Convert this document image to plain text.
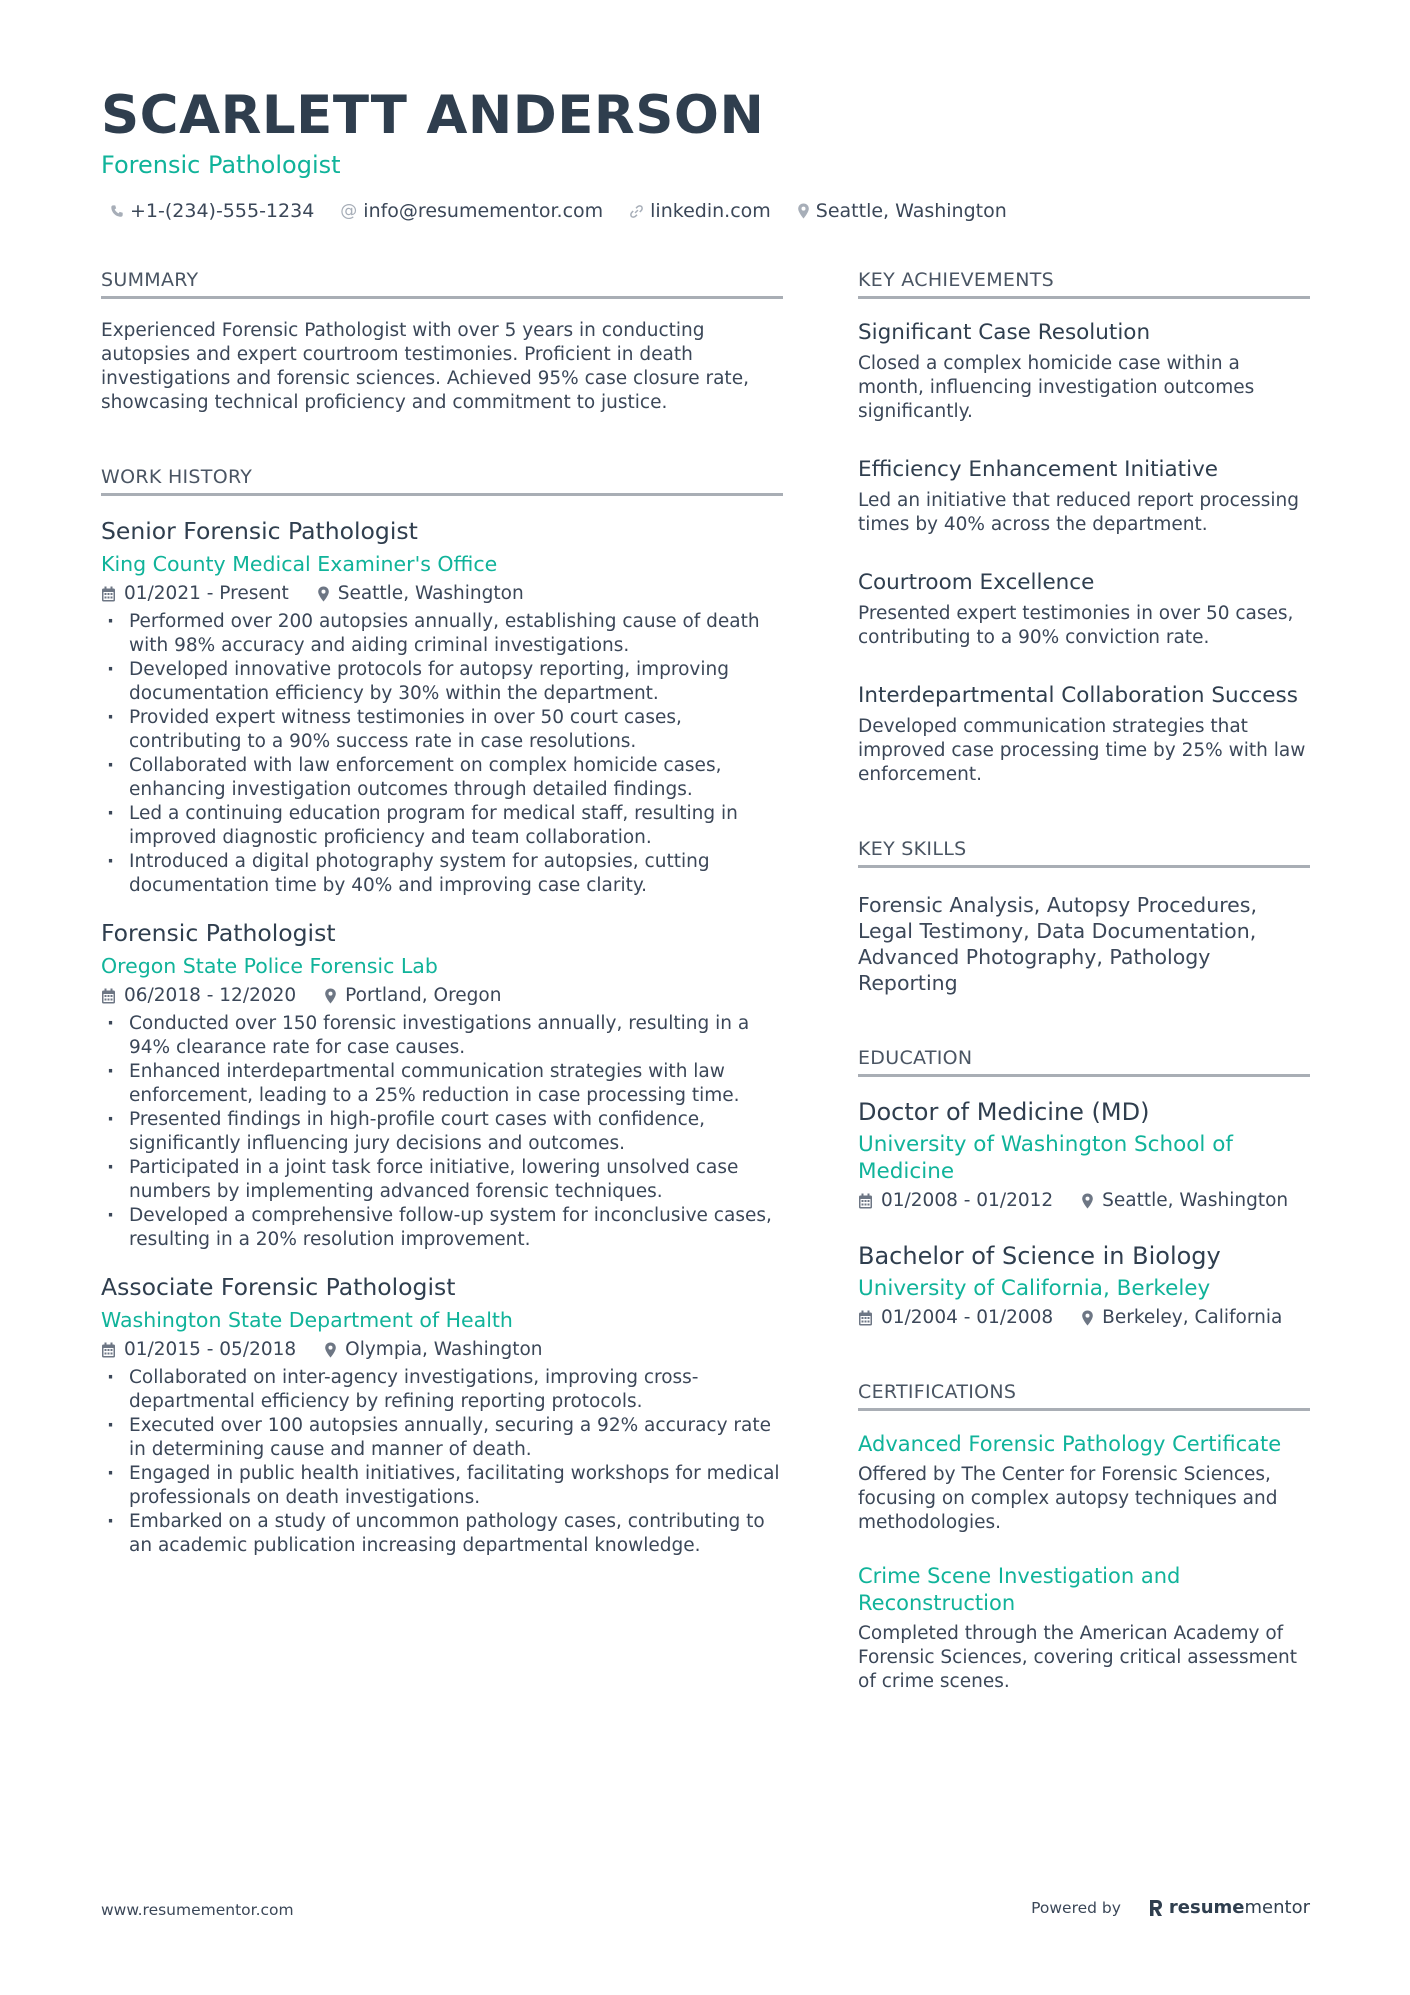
SCARLETT ANDERSON
Forensic Pathologist
+1-(234)-555-1234 @ info@resumementor.com linkedin.com Seattle, Washington
SUMMARY
Experienced Forensic Pathologist with over 5 years in conducting autopsies and expert courtroom testimonies. Proficient in death investigations and forensic sciences. Achieved 95% case closure rate, showcasing technical proficiency and commitment to justice.
WORK HISTORY
Senior Forensic Pathologist
King County Medical Examiner's Office
01/2021 - Present	Seattle, Washington
· Performed over 200 autopsies annually, establishing cause of death with 98% accuracy and aiding criminal investigations.
· Developed innovative protocols for autopsy reporting, improving documentation efficiency by 30% within the department.
· Provided expert witness testimonies in over 50 court cases, contributing to a 90% success rate in case resolutions.
· Collaborated with law enforcement on complex homicide cases, enhancing investigation outcomes through detailed findings.
· Led a continuing education program for medical staff, resulting in improved diagnostic proficiency and team collaboration.
· Introduced a digital photography system for autopsies, cutting documentation time by 40% and improving case clarity.
Forensic Pathologist
Oregon State Police Forensic Lab
06/2018 - 12/2020	Portland, Oregon
· Conducted over 150 forensic investigations annually, resulting in a 94% clearance rate for case causes.
· Enhanced interdepartmental communication strategies with law enforcement, leading to a 25% reduction in case processing time.
· Presented findings in high-profile court cases with confidence, significantly influencing jury decisions and outcomes.
· Participated in a joint task force initiative, lowering unsolved case numbers by implementing advanced forensic techniques.
· Developed a comprehensive follow-up system for inconclusive cases, resulting in a 20% resolution improvement.
Associate Forensic Pathologist
Washington State Department of Health
01/2015 - 05/2018	Olympia, Washington
· Collaborated on inter-agency investigations, improving cross-departmental efficiency by refining reporting protocols.
· Executed over 100 autopsies annually, securing a 92% accuracy rate in determining cause and manner of death.
· Engaged in public health initiatives, facilitating workshops for medical professionals on death investigations.
· Embarked on a study of uncommon pathology cases, contributing to an academic publication increasing departmental knowledge.
KEY ACHIEVEMENTS
Significant Case Resolution
Closed a complex homicide case within a month, influencing investigation outcomes significantly.
Efficiency Enhancement Initiative
Led an initiative that reduced report processing times by 40% across the department.
Courtroom Excellence
Presented expert testimonies in over 50 cases, contributing to a 90% conviction rate.
Interdepartmental Collaboration Success
Developed communication strategies that improved case processing time by 25% with law enforcement.
KEY SKILLS
Forensic Analysis, Autopsy Procedures, Legal Testimony, Data Documentation, Advanced Photography, Pathology Reporting
EDUCATION
Doctor of Medicine (MD)
University of Washington School of Medicine
01/2008 - 01/2012	Seattle, Washington
Bachelor of Science in Biology
University of California, Berkeley
01/2004 - 01/2008	Berkeley, California
CERTIFICATIONS
Advanced Forensic Pathology Certificate
Offered by The Center for Forensic Sciences, focusing on complex autopsy techniques and methodologies.
Crime Scene Investigation and Reconstruction
Completed through the American Academy of Forensic Sciences, covering critical assessment of crime scenes.
www.resumementor.com	Powered by	resume mentor
